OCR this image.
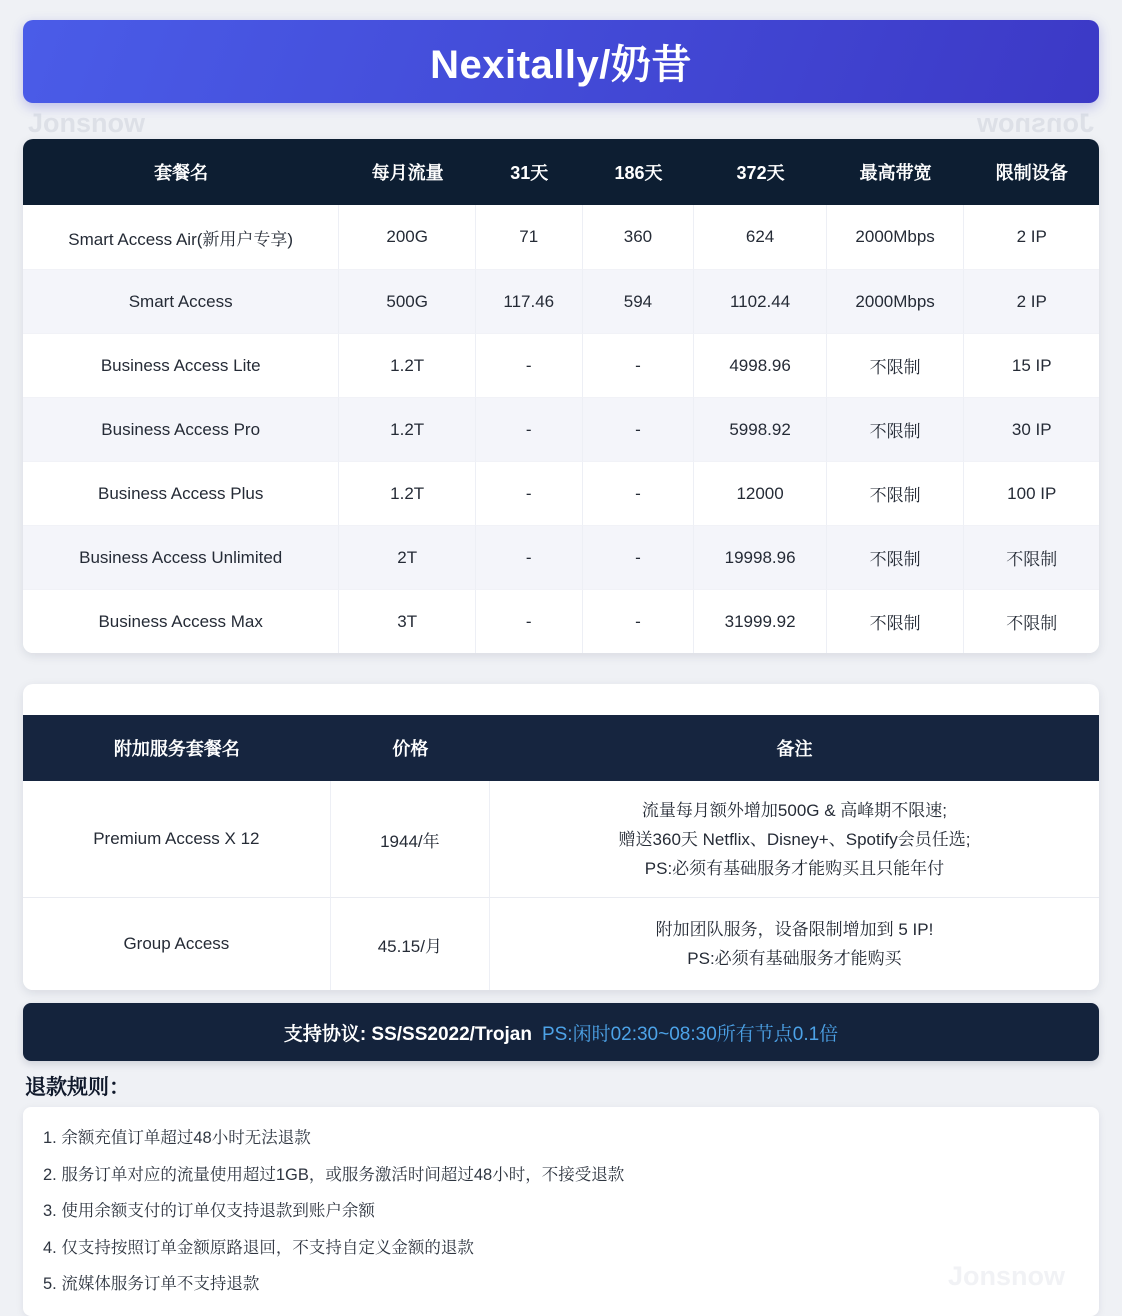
Nexitally/奶昔
Jonsnow	Jonsnow
套餐名	每月流量	31天	186天	372天	最高带宽	限制设备
Smart Access Air(新用户专享)	200G	71	360	624	2000Mbps	2 IP
Smart Access	500G	117.46	594	1102.44	2000Mbps	2 IP
Business Access Lite	1.2T	-	-	4998.96	不限制	15 IP
Business Access Pro	1.2T	-	-	5998.92	不限制	30 IP
Business Access Plus	1.2T	-	-	12000	不限制	100 IP
Business Access Unlimited	2T	-	-	19998.96	不限制	不限制
Business Access Max	3T	-	-	31999.92	不限制	不限制
附加服务套餐名	价格	备注
Premium Access X 12	1944/年	流量每月额外增加500G & 高峰期不限速;
赠送360天 Netflix、Disney+、Spotify会员任选;
PS:必须有基础服务才能购买且只能年付

Group Access	45.15/月	附加团队服务，设备限制增加到 5 IP!
PS:必须有基础服务才能购买
支持协议: SS/SS2022/Trojan PS:闲时02:30~08:30所有节点0.1倍
退款规则：
1. 余额充值订单超过48小时无法退款
2. 服务订单对应的流量使用超过1GB，或服务激活时间超过48小时，不接受退款
3. 使用余额支付的订单仅支持退款到账户余额
4. 仅支持按照订单金额原路退回，不支持自定义金额的退款
5. 流媒体服务订单不支持退款	Jonsnow
